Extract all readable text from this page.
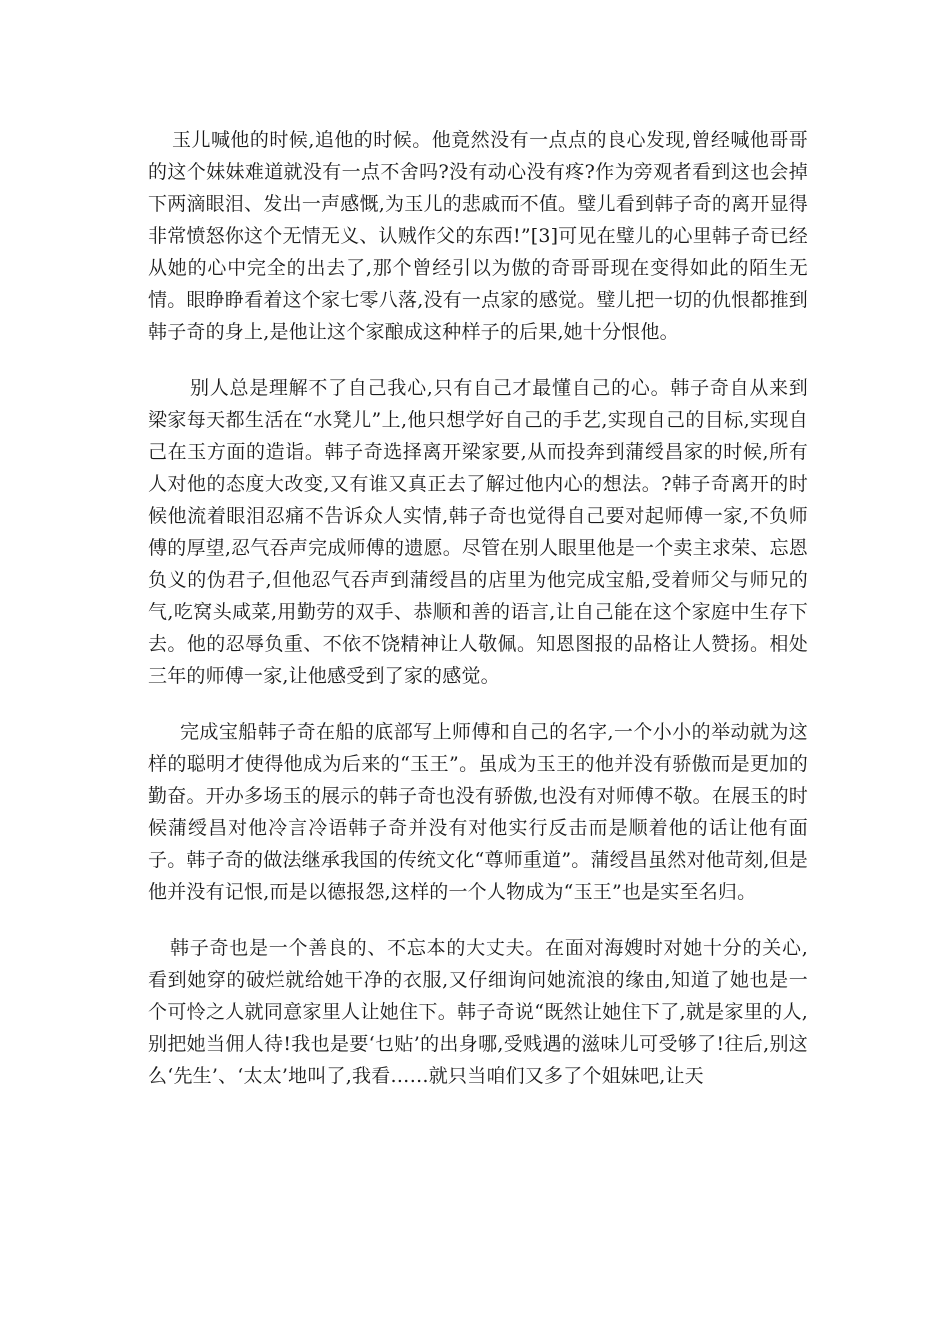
玉儿喊他的时候,追他的时候。他竟然没有一点点的良心发现,曾经喊他哥哥的这个妹妹难道就没有一点不舍吗?没有动心没有疼?作为旁观者看到这也会掉下两滴眼泪、发出一声感慨,为玉儿的悲戚而不值。璧儿看到韩子奇的离开显得非常愤怒你这个无情无义、认贼作父的东西!”[3]可见在璧儿的心里韩子奇已经从她的心中完全的出去了,那个曾经引以为傲的奇哥哥现在变得如此的陌生无情。眼睁睁看着这个家七零八落,没有一点家的感觉。璧儿把一切的仇恨都推到韩子奇的身上,是他让这个家酿成这种样子的后果,她十分恨他。

别人总是理解不了自己我心,只有自己才最懂自己的心。韩子奇自从来到梁家每天都生活在“水凳儿”上,他只想学好自己的手艺,实现自己的目标,实现自己在玉方面的造诣。韩子奇选择离开梁家要,从而投奔到蒲绶昌家的时候,所有人对他的态度大改变,又有谁又真正去了解过他内心的想法。?韩子奇离开的时候他流着眼泪忍痛不告诉众人实情,韩子奇也觉得自己要对起师傅一家,不负师傅的厚望,忍气吞声完成师傅的遗愿。尽管在别人眼里他是一个卖主求荣、忘恩负义的伪君子,但他忍气吞声到蒲绶昌的店里为他完成宝船,受着师父与师兄的气,吃窝头咸菜,用勤劳的双手、恭顺和善的语言,让自己能在这个家庭中生存下去。他的忍辱负重、不依不饶精神让人敬佩。知恩图报的品格让人赞扬。相处三年的师傅一家,让他感受到了家的感觉。

完成宝船韩子奇在船的底部写上师傅和自己的名字,一个小小的举动就为这样的聪明才使得他成为后来的“玉王”。虽成为玉王的他并没有骄傲而是更加的勤奋。开办多场玉的展示的韩子奇也没有骄傲,也没有对师傅不敬。在展玉的时候蒲绶昌对他冷言冷语韩子奇并没有对他实行反击而是顺着他的话让他有面子。韩子奇的做法继承我国的传统文化“尊师重道”。蒲绶昌虽然对他苛刻,但是他并没有记恨,而是以德报怨,这样的一个人物成为“玉王”也是实至名归。

韩子奇也是一个善良的、不忘本的大丈夫。在面对海嫂时对她十分的关心,看到她穿的破烂就给她干净的衣服,又仔细询问她流浪的缘由,知道了她也是一个可怜之人就同意家里人让她住下。韩子奇说“既然让她住下了,就是家里的人,别把她当佣人待!我也是要‘乜贴’的出身哪,受贱遇的滋味儿可受够了!往后,别这么‘先生’、‘太太’地叫了,我看……就只当咱们又多了个姐妹吧,让天
